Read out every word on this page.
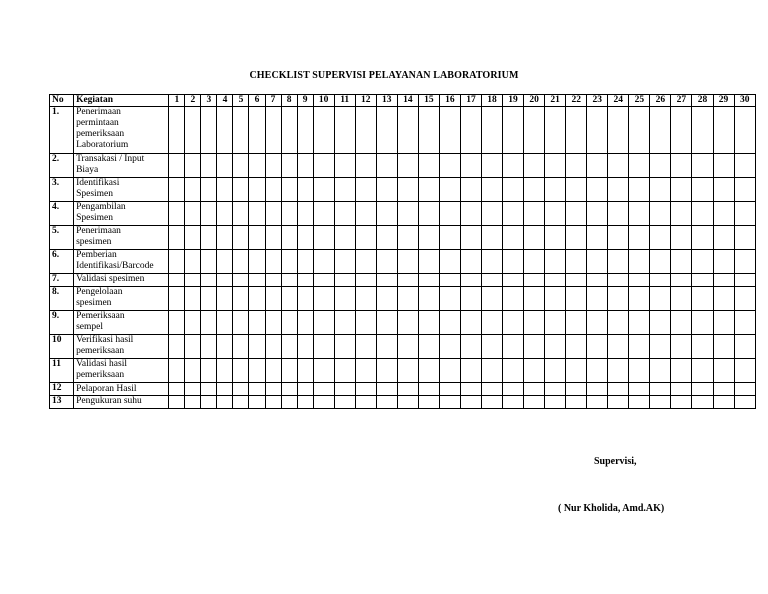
CHECKLIST SUPERVISI PELAYANAN LABORATORIUM
No	Kegiatan	1	2	3	4	5	6	7	8	9	10	11	12	13	14	15	16	17	18	19	20	21	22	23	24	25	26	27	28	29	30
1.	Penerimaan
permintaan
pemeriksaan
Laboratorium																														

2.	Transakasi / Input
Biaya																														

3.	Identifikasi
Spesimen																														

4.	Pengambilan
Spesimen																														

5.	Penerimaan
spesimen																														

6.	Pemberian
Identifikasi/Barcode																														

7.	Validasi spesimen																														

8.	Pengelolaan
spesimen																														

9.	Pemeriksaan
sempel																														

10	Verifikasi hasil
pemeriksaan																														

11	Validasi hasil
pemeriksaan																														

12	Pelaporan Hasil																														

13	Pengukuran suhu																														

Supervisi,
( Nur Kholida, Amd.AK)
